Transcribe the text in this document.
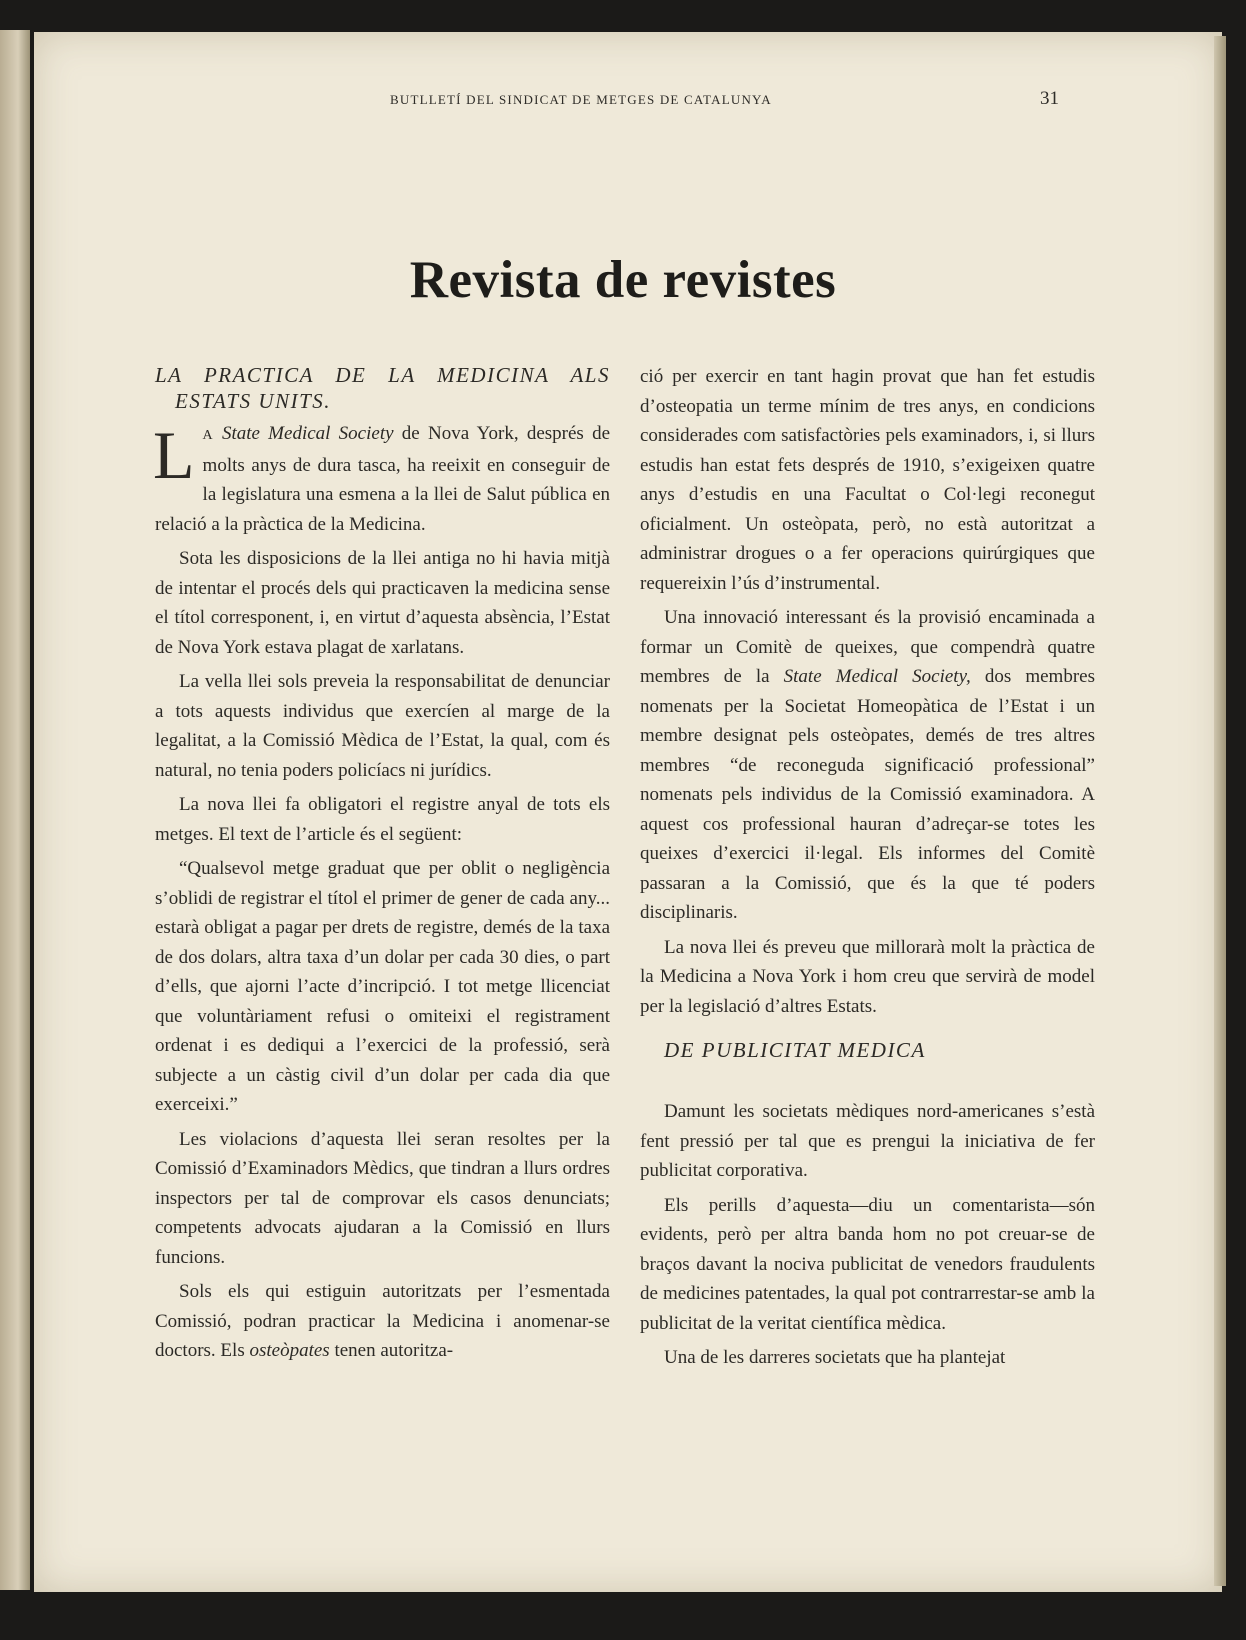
BUTLLETÍ DEL SINDICAT DE METGES DE CATALUNYA	31
Revista de revistes

LA PRACTICA DE LA MEDICINA ALS ESTATS UNITS.

L A State Medical Society de Nova York, després de molts anys de dura tasca, ha reeixit en conseguir de la legislatura una esmena a la llei de Salut pública en relació a la pràctica de la Medicina.

Sota les disposicions de la llei antiga no hi havia mitjà de intentar el procés dels qui practicaven la medicina sense el títol corresponent, i, en virtut d’aquesta absència, l’Estat de Nova York estava plagat de xarlatans.

La vella llei sols preveia la responsabilitat de denunciar a tots aquests individus que exercíen al marge de la legalitat, a la Comissió Mèdica de l’Estat, la qual, com és natural, no tenia poders policíacs ni jurídics.

La nova llei fa obligatori el registre anyal de tots els metges. El text de l’article és el següent:

“Qualsevol metge graduat que per oblit o negligència s’oblidi de registrar el títol el primer de gener de cada any... estarà obligat a pagar per drets de registre, demés de la taxa de dos dolars, altra taxa d’un dolar per cada 30 dies, o part d’ells, que ajorni l’acte d’incripció. I tot metge llicenciat que voluntàriament refusi o omiteixi el registrament ordenat i es dediqui a l’exercici de la professió, serà subjecte a un càstig civil d’un dolar per cada dia que exerceixi.”

Les violacions d’aquesta llei seran resoltes per la Comissió d’Examinadors Mèdics, que tindran a llurs ordres inspectors per tal de comprovar els casos denunciats; competents advocats ajudaran a la Comissió en llurs funcions.

Sols els qui estiguin autoritzats per l’esmentada Comissió, podran practicar la Medicina i anomenar-se doctors. Els osteòpates tenen autoritza-

ció per exercir en tant hagin provat que han fet estudis d’osteopatia un terme mínim de tres anys, en condicions considerades com satisfactòries pels examinadors, i, si llurs estudis han estat fets després de 1910, s’exigeixen quatre anys d’estudis en una Facultat o Col·legi reconegut oficialment. Un osteòpata, però, no està autoritzat a administrar drogues o a fer operacions quirúrgiques que requereixin l’ús d’instrumental.

Una innovació interessant és la provisió encaminada a formar un Comitè de queixes, que compendrà quatre membres de la State Medical Society, dos membres nomenats per la Societat Homeopàtica de l’Estat i un membre designat pels osteòpates, demés de tres altres membres “de reconeguda significació professional” nomenats pels individus de la Comissió examinadora. A aquest cos professional hauran d’adreçar-se totes les queixes d’exercici il·legal. Els informes del Comitè passaran a la Comissió, que és la que té poders disciplinaris.

La nova llei és preveu que millorarà molt la pràctica de la Medicina a Nova York i hom creu que servirà de model per la legislació d’altres Estats.

DE PUBLICITAT MEDICA

Damunt les societats mèdiques nord-americanes s’està fent pressió per tal que es prengui la iniciativa de fer publicitat corporativa.

Els perills d’aquesta—diu un comentarista—són evidents, però per altra banda hom no pot creuar-se de braços davant la nociva publicitat de venedors fraudulents de medicines patentades, la qual pot contrarrestar-se amb la publicitat de la veritat científica mèdica.

Una de les darreres societats que ha plantejat
